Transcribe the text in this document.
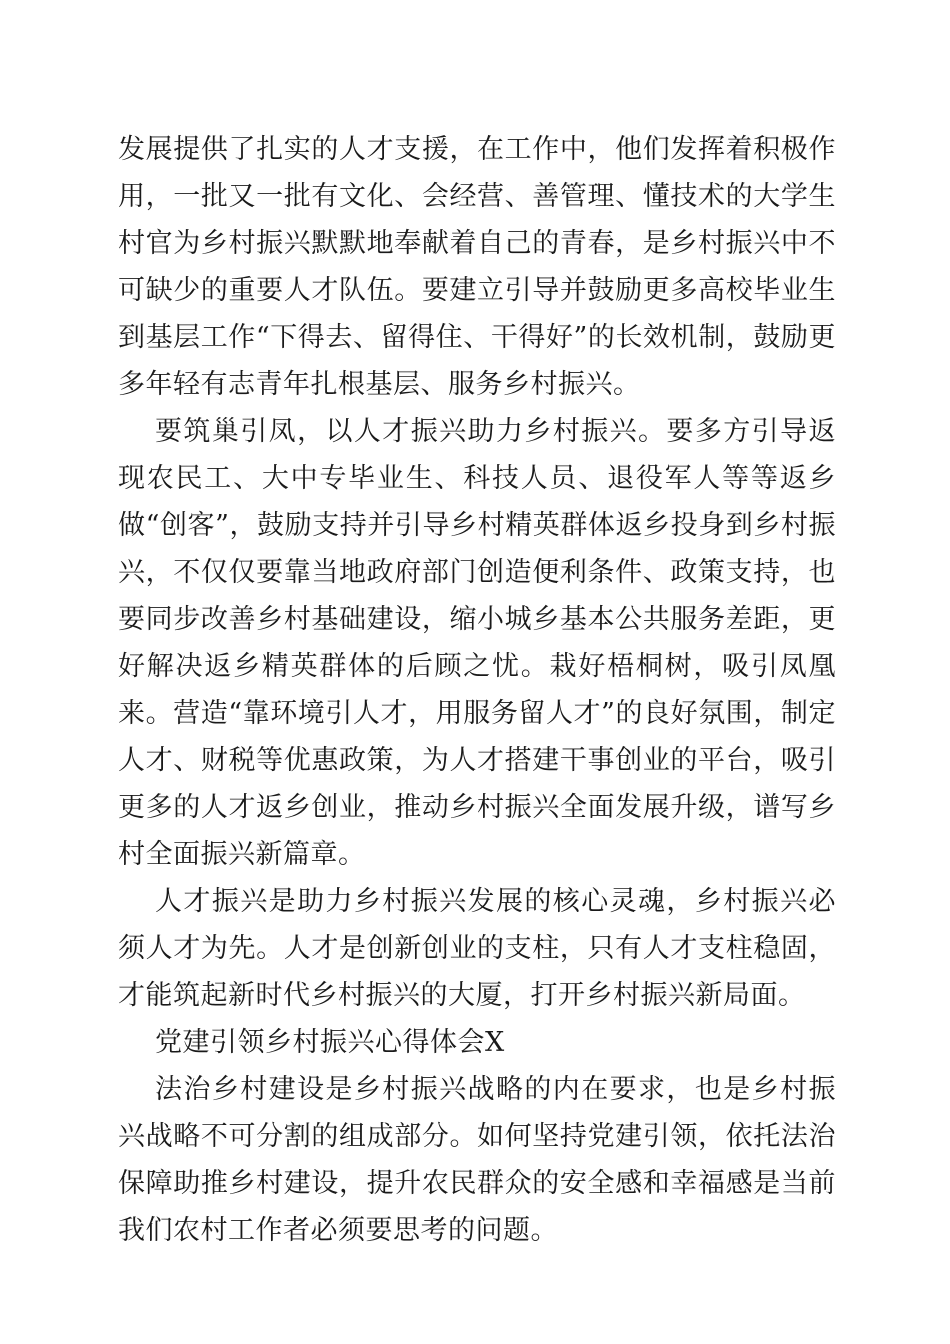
发展提供了扎实的人才支援，在工作中，他们发挥着积极作用，一批又一批有文化、会经营、善管理、懂技术的大学生村官为乡村振兴默默地奉献着自己的青春，是乡村振兴中不可缺少的重要人才队伍。要建立引导并鼓励更多高校毕业生到基层工作“下得去、留得住、干得好”的长效机制，鼓励更多年轻有志青年扎根基层、服务乡村振兴。

要筑巢引凤，以人才振兴助力乡村振兴。要多方引导返现农民工、大中专毕业生、科技人员、退役军人等等返乡做“创客”，鼓励支持并引导乡村精英群体返乡投身到乡村振兴，不仅仅要靠当地政府部门创造便利条件、政策支持，也要同步改善乡村基础建设，缩小城乡基本公共服务差距，更好解决返乡精英群体的后顾之忧。栽好梧桐树，吸引凤凰来。营造“靠环境引人才，用服务留人才”的良好氛围，制定人才、财税等优惠政策，为人才搭建干事创业的平台，吸引更多的人才返乡创业，推动乡村振兴全面发展升级，谱写乡村全面振兴新篇章。

人才振兴是助力乡村振兴发展的核心灵魂，乡村振兴必须人才为先。人才是创新创业的支柱，只有人才支柱稳固，才能筑起新时代乡村振兴的大厦，打开乡村振兴新局面。

党建引领乡村振兴心得体会X

法治乡村建设是乡村振兴战略的内在要求，也是乡村振兴战略不可分割的组成部分。如何坚持党建引领，依托法治保障助推乡村建设，提升农民群众的安全感和幸福感是当前我们农村工作者必须要思考的问题。
